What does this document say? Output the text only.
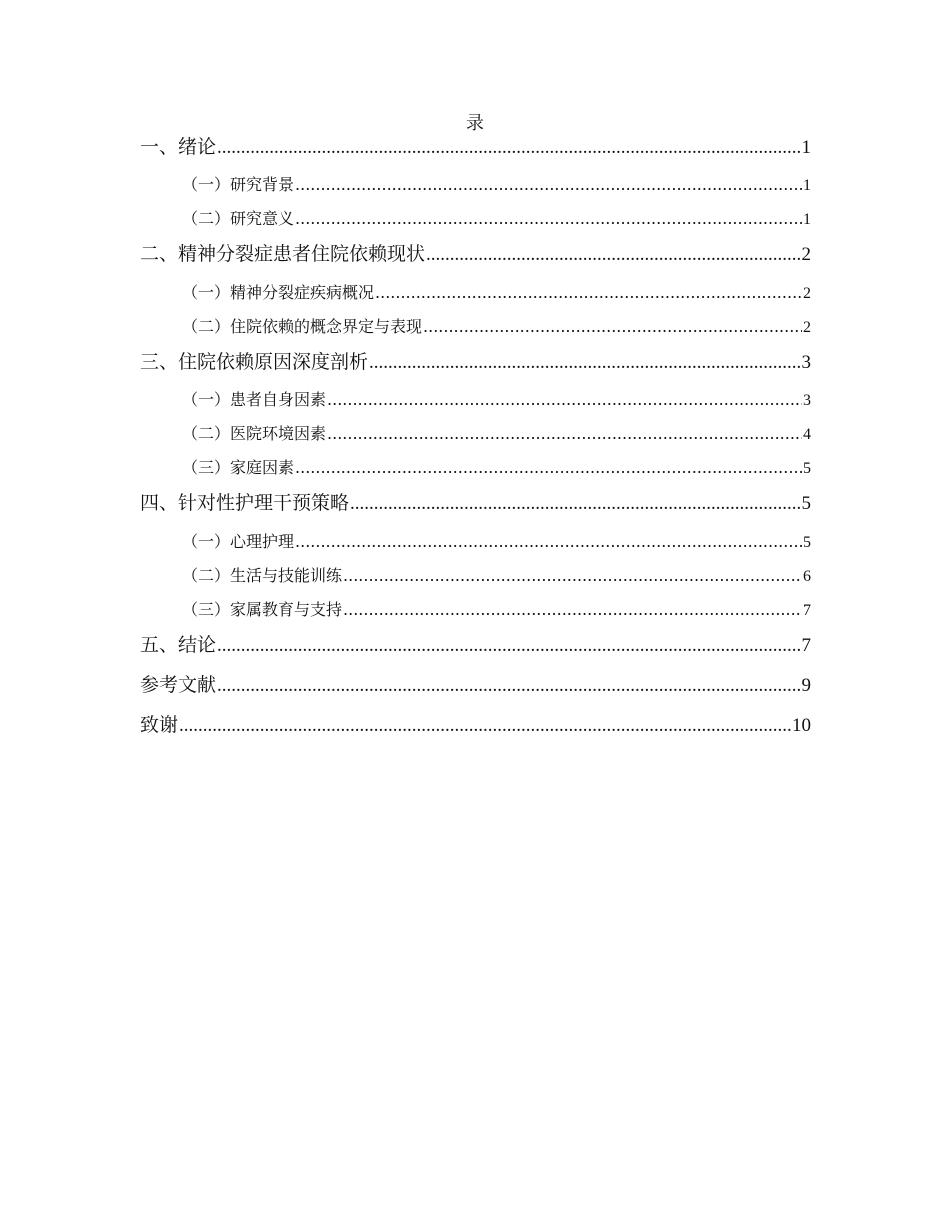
录
一、绪论 .....	1
（一）研究背景 .....	1
（二）研究意义 .....	1
二、精神分裂症患者住院依赖现状 .....	2
（一）精神分裂症疾病概况 .....	2
（二）住院依赖的概念界定与表现 .....	2
三、住院依赖原因深度剖析 .....	3
（一）患者自身因素 .....	3
（二）医院环境因素 .....	4
（三）家庭因素 .....	5
四、针对性护理干预策略 .....	5
（一）心理护理 .....	5
（二）生活与技能训练 .....	6
（三）家属教育与支持 .....	7
五、结论 .....	7
参考文献 .....	9
致谢 .....	10
